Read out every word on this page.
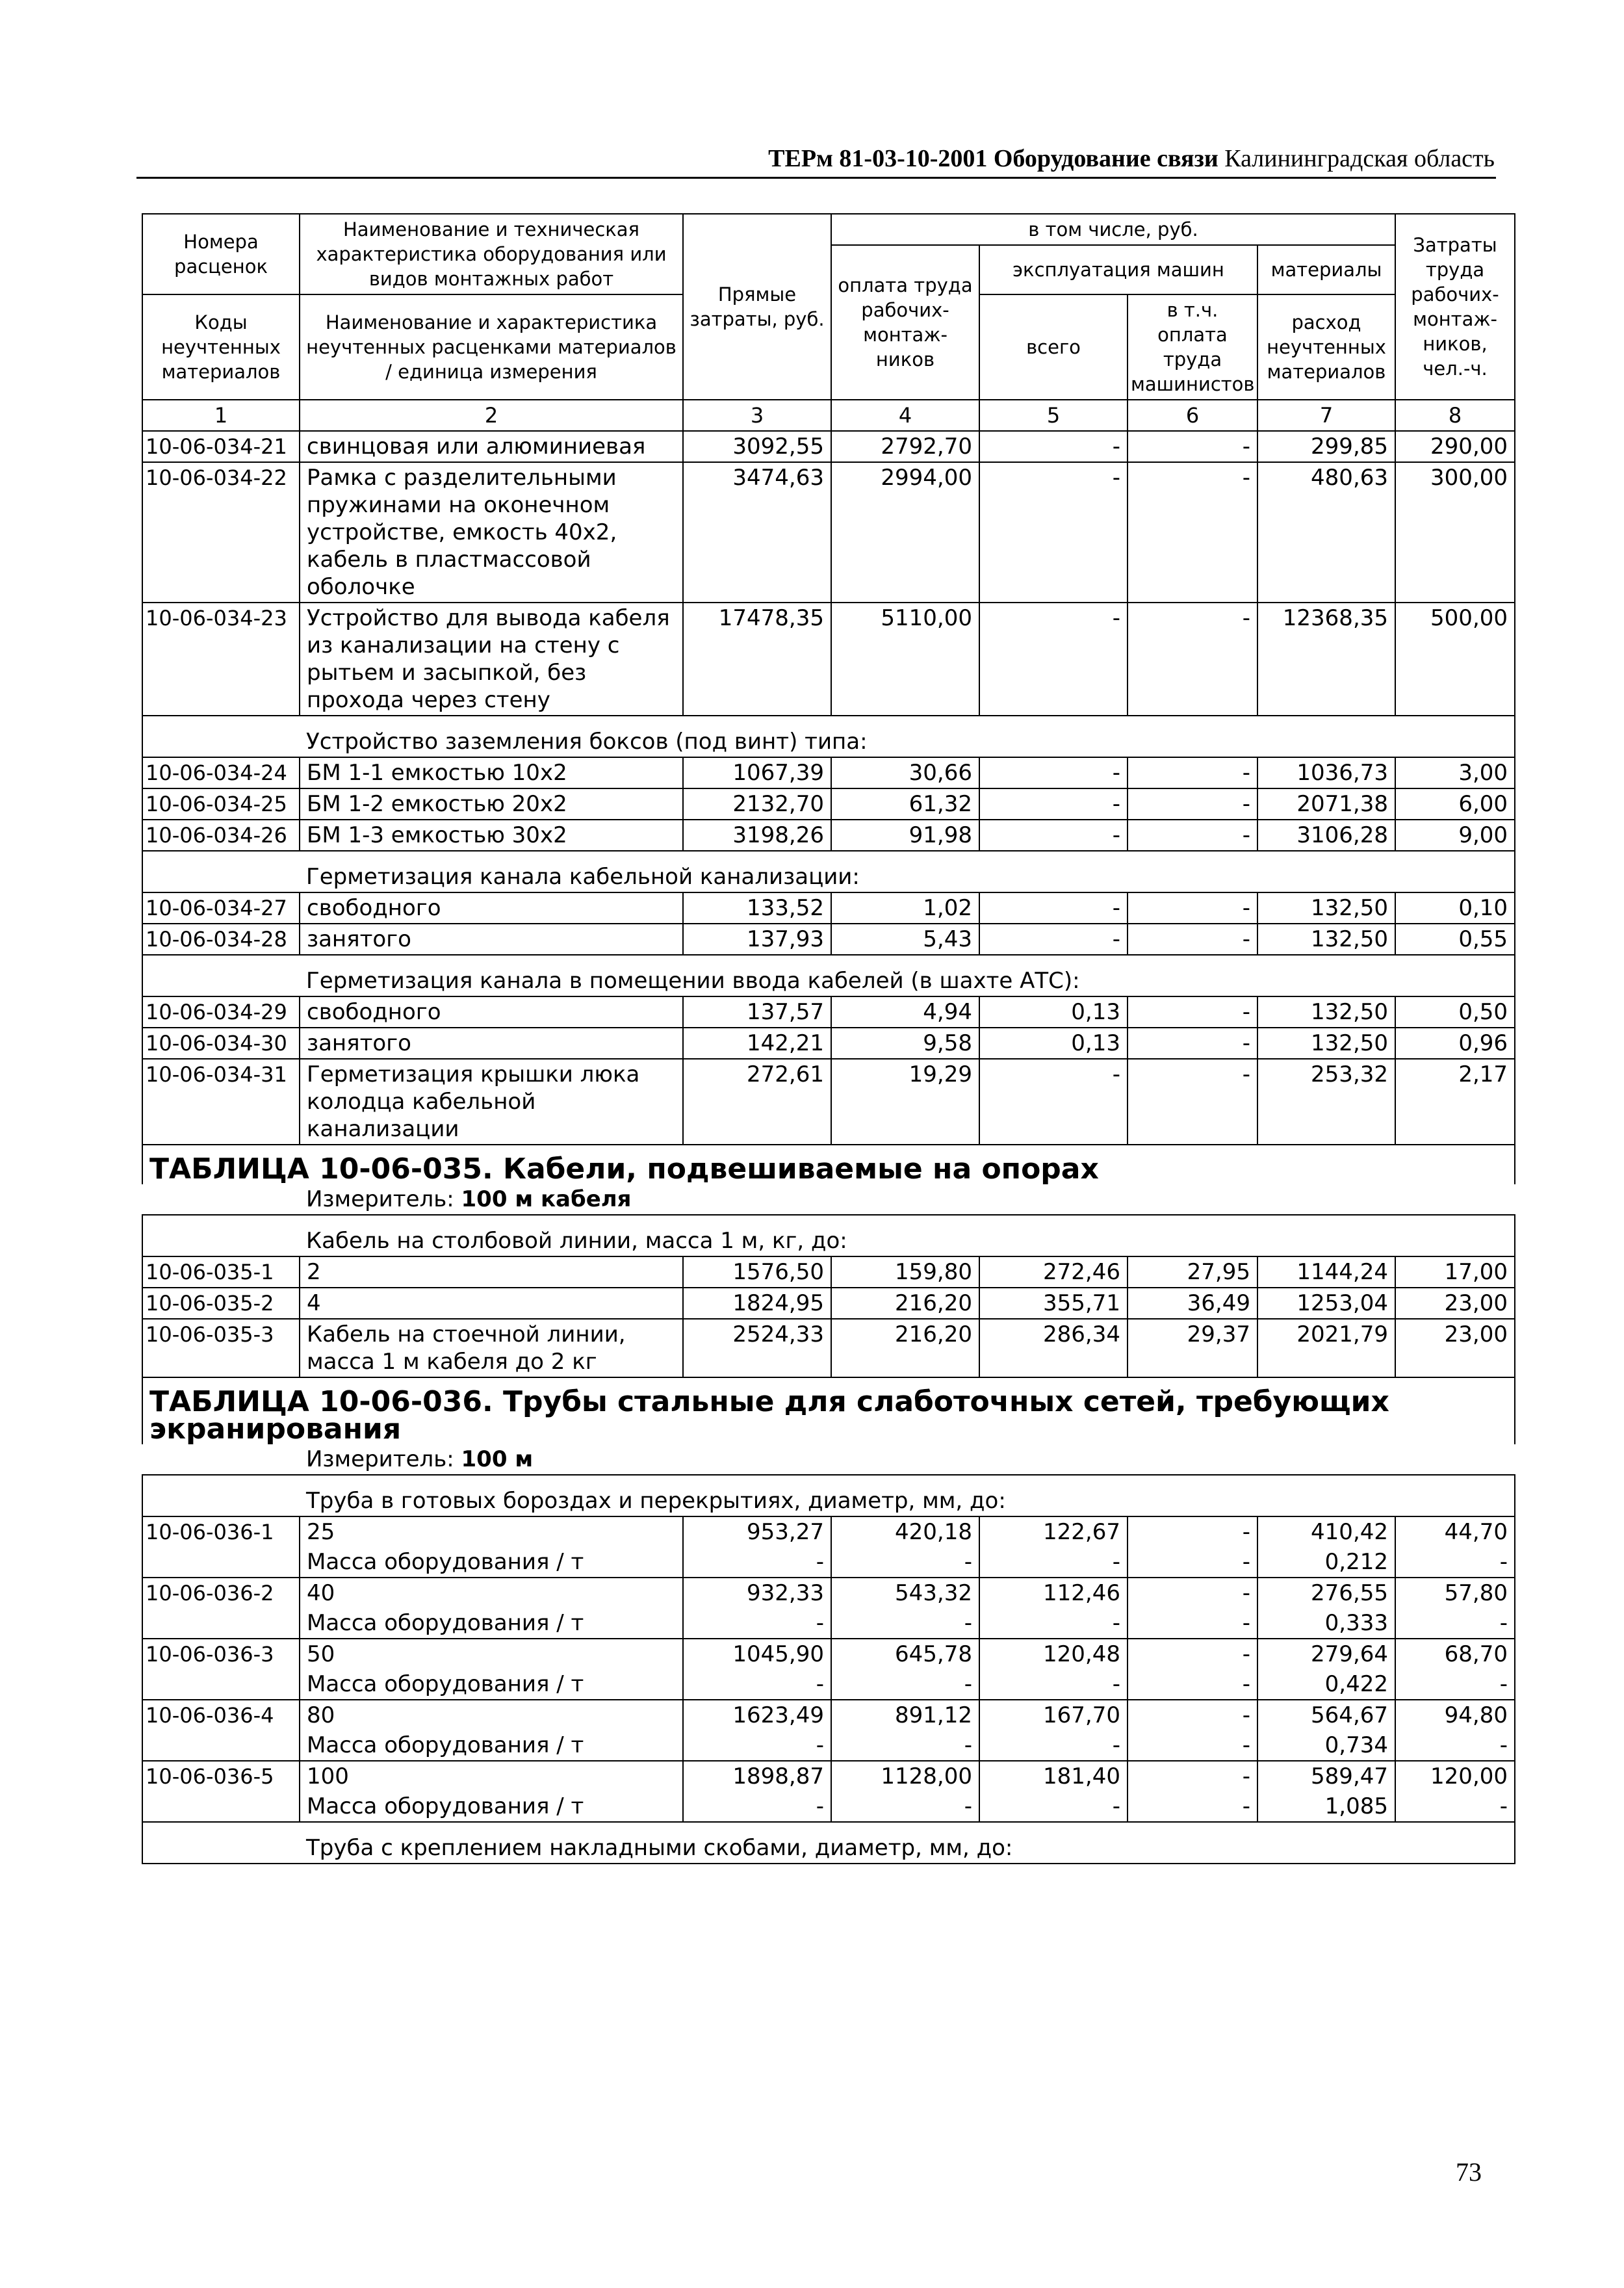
ТЕРм 81-03-10-2001 Оборудование связи Калининградская область
Номера расценок	Наименование и техническая характеристика оборудования или видов монтажных работ	Прямые затраты, руб.	в том числе, руб.				Затраты труда рабочих-монтаж-ников, чел.-ч.
			оплата труда рабочих-монтаж-ников	эксплуатация машин		материалы	
Коды неучтенных материалов	Наименование и характеристика неучтенных расценками материалов / единица измерения			всего	в т.ч. оплата труда машинистов	расход неучтенных материалов	

1	2	3	4	5	6	7	8
10-06-034-21	свинцовая или алюминиевая	3092,55	2792,70	-	-	299,85	290,00
10-06-034-22	Рамка с разделительными пружинами на оконечном устройстве, емкость 40х2, кабель в пластмассовой оболочке	3474,63	2994,00	-	-	480,63	300,00
10-06-034-23	Устройство для вывода кабеля из канализации на стену с рытьем и засыпкой, без прохода через стену	17478,35	5110,00	-	-	12368,35	500,00
	Устройство заземления боксов (под винт) типа:						
10-06-034-24	БМ 1-1 емкостью 10х2	1067,39	30,66	-	-	1036,73	3,00
10-06-034-25	БМ 1-2 емкостью 20х2	2132,70	61,32	-	-	2071,38	6,00
10-06-034-26	БМ 1-3 емкостью 30х2	3198,26	91,98	-	-	3106,28	9,00
	Герметизация канала кабельной канализации:						
10-06-034-27	свободного	133,52	1,02	-	-	132,50	0,10
10-06-034-28	занятого	137,93	5,43	-	-	132,50	0,55
	Герметизация канала в помещении ввода кабелей (в шахте АТС):						
10-06-034-29	свободного	137,57	4,94	0,13	-	132,50	0,50
10-06-034-30	занятого	142,21	9,58	0,13	-	132,50	0,96
10-06-034-31	Герметизация крышки люка колодца кабельной канализации	272,61	19,29	-	-	253,32	2,17
ТАБЛИЦА 10-06-035. Кабели, подвешиваемые на опорах							
	Измеритель: 100 м кабеля						
	Кабель на столбовой линии, масса 1 м, кг, до:						
10-06-035-1	2	1576,50	159,80	272,46	27,95	1144,24	17,00
10-06-035-2	4	1824,95	216,20	355,71	36,49	1253,04	23,00
10-06-035-3	Кабель на стоечной линии, масса 1 м кабеля до 2 кг	2524,33	216,20	286,34	29,37	2021,79	23,00
ТАБЛИЦА 10-06-036. Трубы стальные для слаботочных сетей, требующих экранирования							
	Измеритель: 100 м						
	Труба в готовых бороздах и перекрытиях, диаметр, мм, до:						
10-06-036-1	25	953,27	420,18	122,67	-	410,42	44,70
	Масса оборудования / т	-	-	-	-	0,212	-
10-06-036-2	40	932,33	543,32	112,46	-	276,55	57,80
	Масса оборудования / т	-	-	-	-	0,333	-
10-06-036-3	50	1045,90	645,78	120,48	-	279,64	68,70
	Масса оборудования / т	-	-	-	-	0,422	-
10-06-036-4	80	1623,49	891,12	167,70	-	564,67	94,80
	Масса оборудования / т	-	-	-	-	0,734	-
10-06-036-5	100	1898,87	1128,00	181,40	-	589,47	120,00
	Масса оборудования / т	-	-	-	-	1,085	-
	Труба с креплением накладными скобами, диаметр, мм, до:						
73
